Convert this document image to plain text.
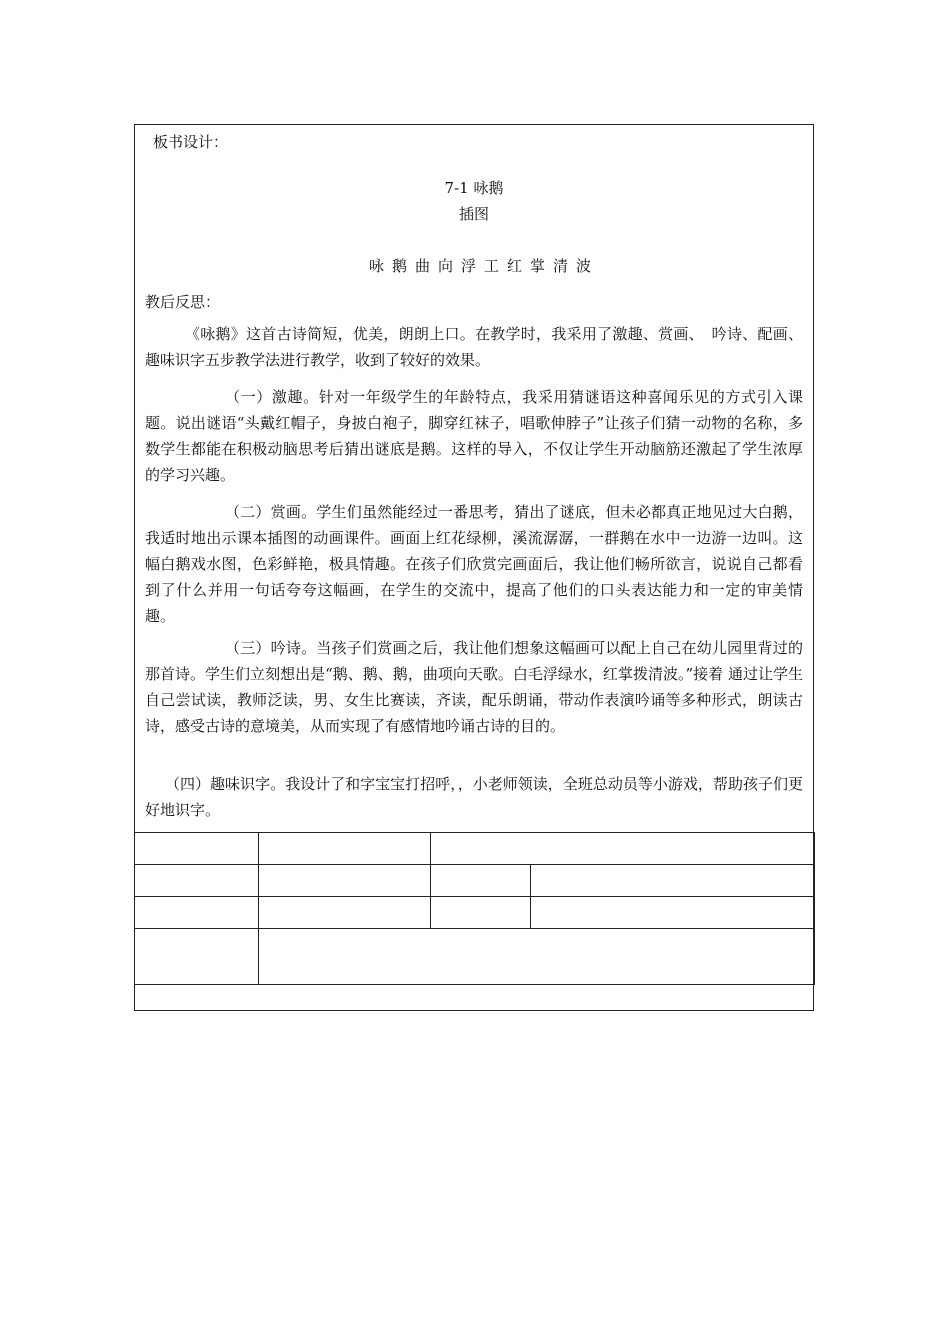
板书设计：
7-1 咏鹅
插图
咏鹅曲向浮工红掌清波
教后反思：

《咏鹅》这首古诗简短，优美，朗朗上口。在教学时，我采用了激趣、赏画、　吟诗、配画、趣味识字五步教学法进行教学，收到了较好的效果。

（一）激趣。针对一年级学生的年龄特点，我采用猜谜语这种喜闻乐见的方式引入课题。说出谜语“头戴红帽子，身披白袍子，脚穿红袜子，唱歌伸脖子”让孩子们猜一动物的名称，多数学生都能在积极动脑思考后猜出谜底是鹅。这样的导入，不仅让学生开动脑筋还激起了学生浓厚的学习兴趣。

（二）赏画。学生们虽然能经过一番思考，猜出了谜底，但未必都真正地见过大白鹅，我适时地出示课本插图的动画课件。画面上红花绿柳，溪流潺潺，一群鹅在水中一边游一边叫。这幅白鹅戏水图，色彩鲜艳，极具情趣。在孩子们欣赏完画面后，我让他们畅所欲言，说说自己都看到了什么并用一句话夸夸这幅画，在学生的交流中，提高了他们的口头表达能力和一定的审美情趣。

（三）吟诗。当孩子们赏画之后，我让他们想象这幅画可以配上自己在幼儿园里背过的那首诗。学生们立刻想出是“鹅、鹅、鹅，曲项向天歌。白毛浮绿水，红掌拨清波。”接着 通过让学生自己尝试读，教师泛读，男、女生比赛读，齐读，配乐朗诵，带动作表演吟诵等多种形式，朗读古诗，感受古诗的意境美，从而实现了有感情地吟诵古诗的目的。

（四）趣味识字。我设计了和字宝宝打招呼，，小老师领读，全班总动员等小游戏，帮助孩子们更好地识字。
